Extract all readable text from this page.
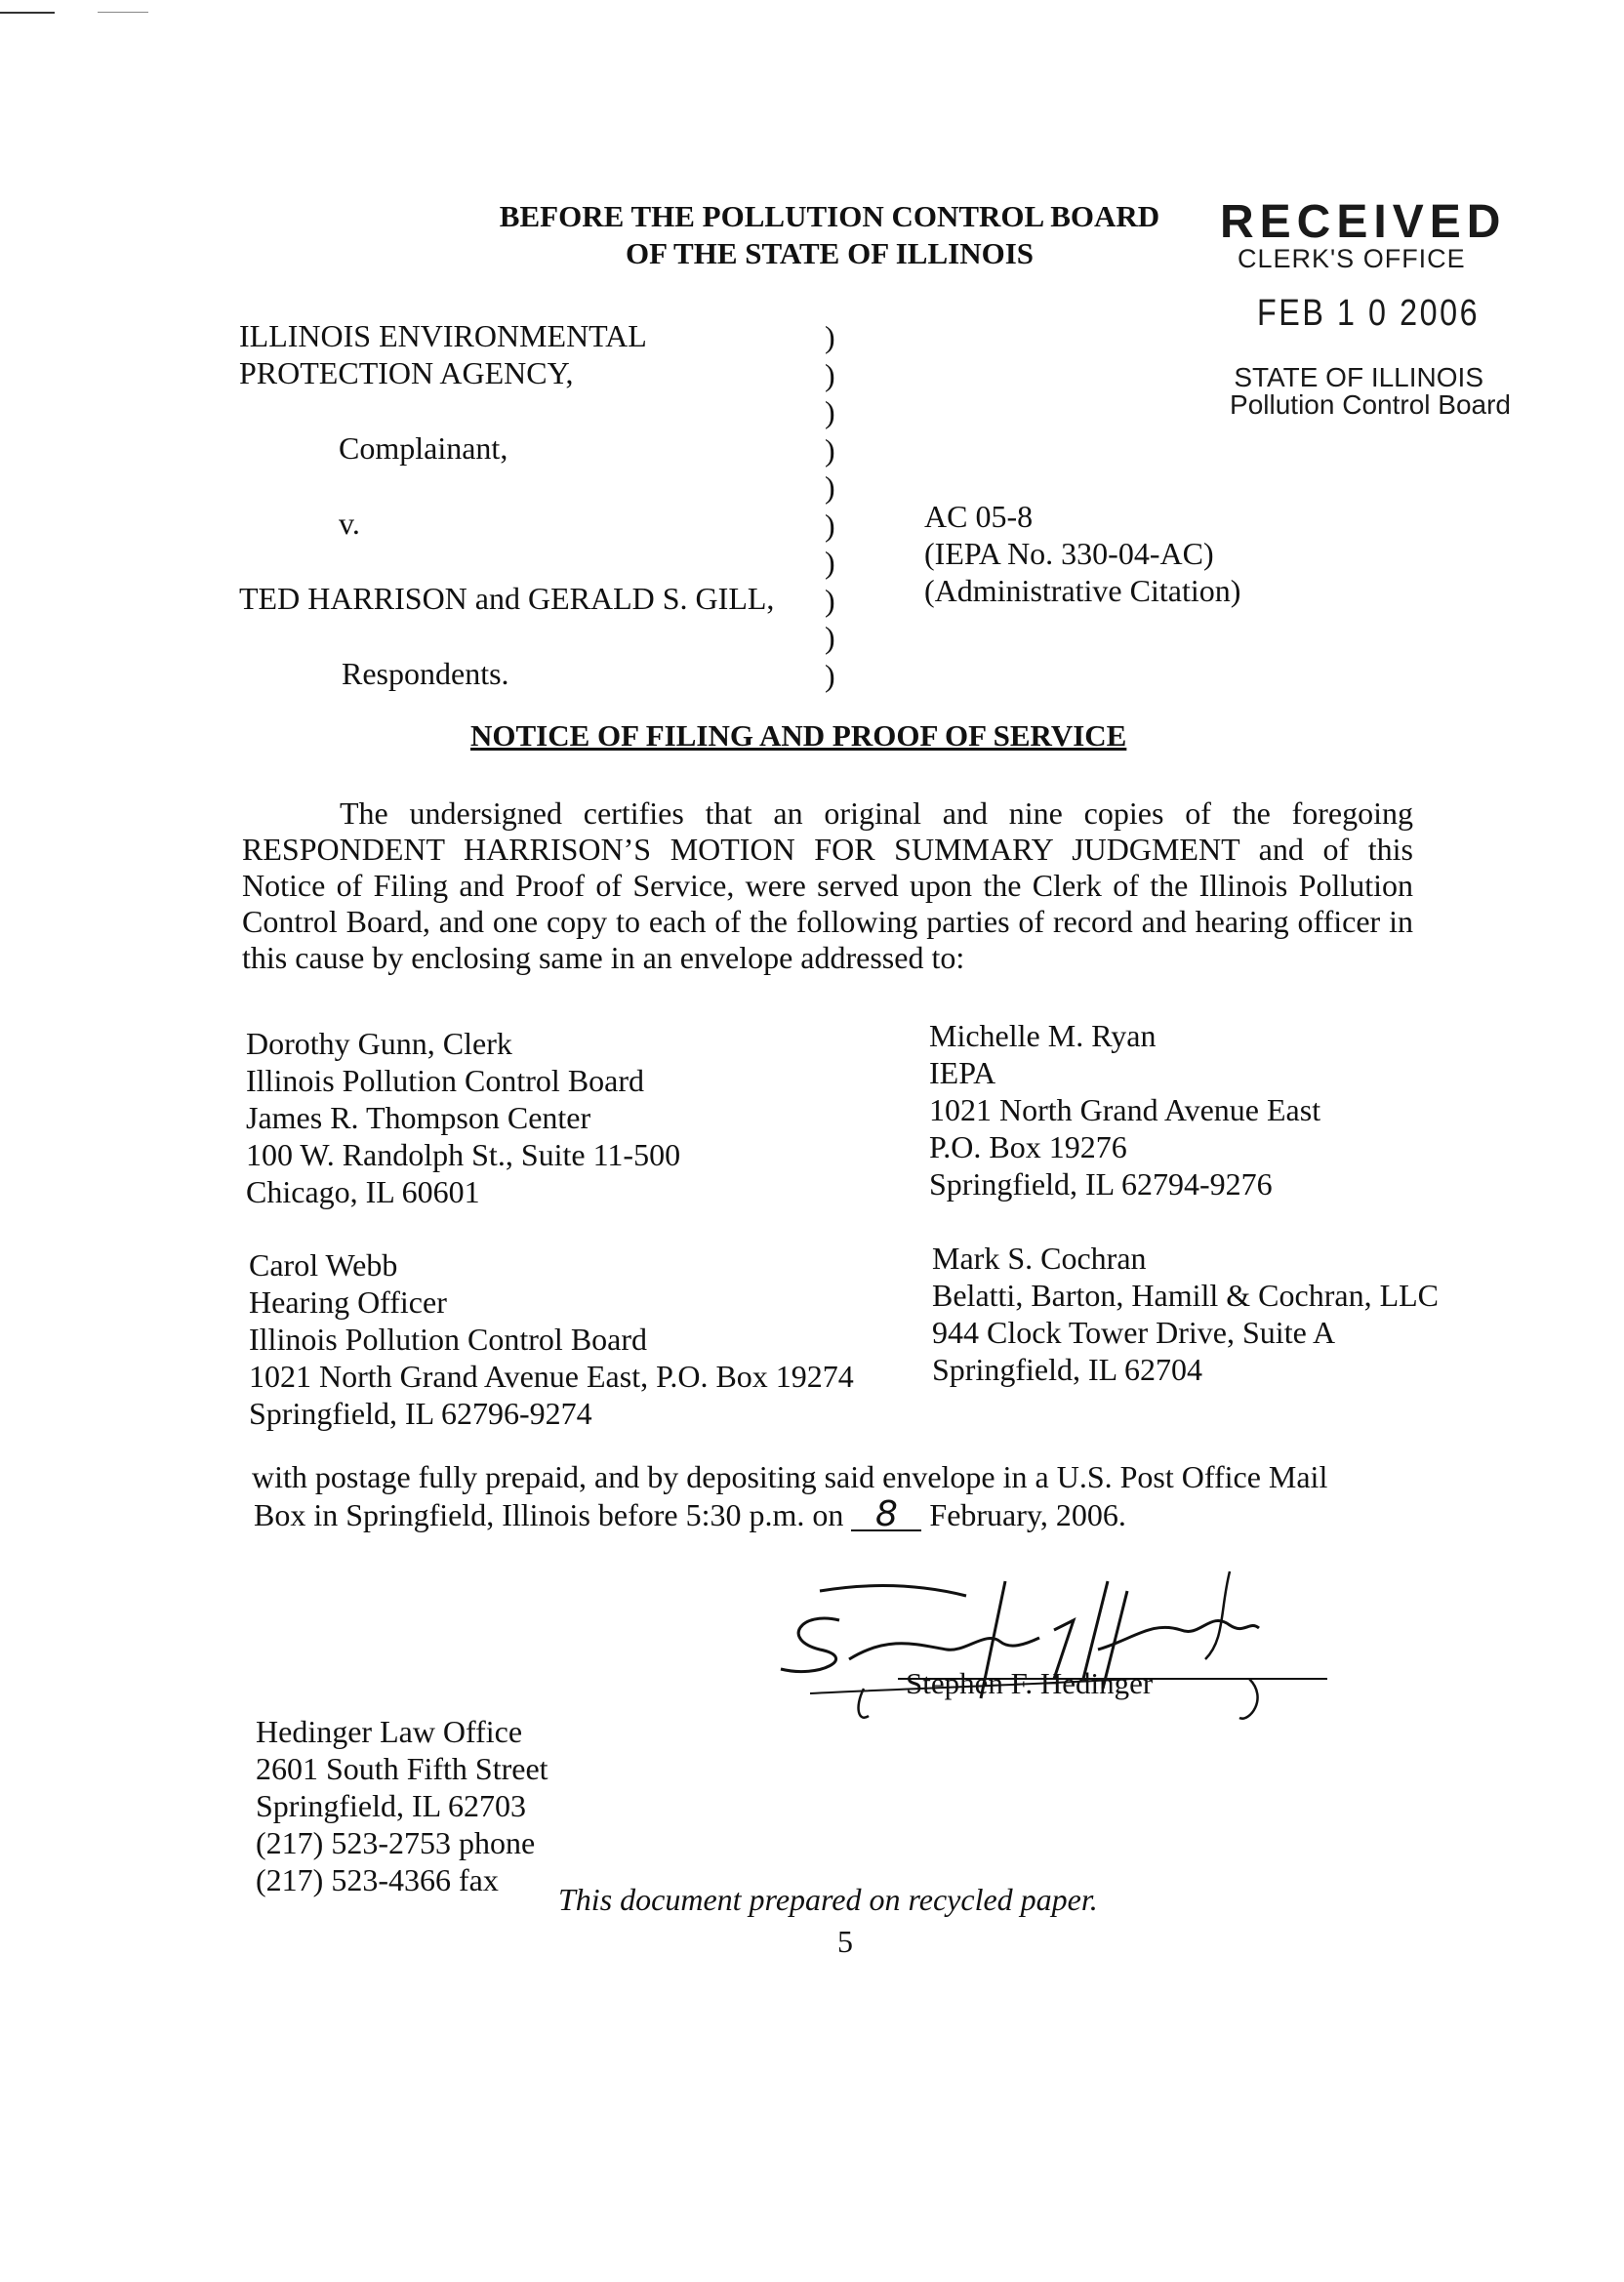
BEFORE THE POLLUTION CONTROL BOARD
OF THE STATE OF ILLINOIS
RECEIVED
CLERK'S OFFICE
FEB 1 0 2006
STATE OF ILLINOIS
Pollution Control Board
ILLINOIS ENVIRONMENTAL
PROTECTION AGENCY,
Complainant,
v.
TED HARRISON and GERALD S. GILL,
Respondents.
)
)
)
)
)
)
)
)
)
)
AC 05-8
(IEPA No. 330-04-AC)
(Administrative Citation)
NOTICE OF FILING AND PROOF OF SERVICE
The undersigned certifies that an original and nine copies of the foregoing RESPONDENT HARRISON’S MOTION FOR SUMMARY JUDGMENT and of this Notice of Filing and Proof of Service, were served upon the Clerk of the Illinois Pollution Control Board, and one copy to each of the following parties of record and hearing officer in this cause by enclosing same in an envelope addressed to:
Dorothy Gunn, Clerk
Illinois Pollution Control Board
James R. Thompson Center
100 W. Randolph St., Suite 11-500
Chicago, IL 60601
Michelle M. Ryan
IEPA
1021 North Grand Avenue East
P.O. Box 19276
Springfield, IL 62794-9276
Carol Webb
Hearing Officer
Illinois Pollution Control Board
1021 North Grand Avenue East, P.O. Box 19274
Springfield, IL 62796-9274
Mark S. Cochran
Belatti, Barton, Hamill & Cochran, LLC
944 Clock Tower Drive, Suite A
Springfield, IL 62704
with postage fully prepaid, and by depositing said envelope in a U.S. Post Office Mail
Box in Springfield, Illinois before 5:30 p.m. on 8 February, 2006.
Stephen F. Hedinger
Hedinger Law Office
2601 South Fifth Street
Springfield, IL 62703
(217) 523-2753 phone
(217) 523-4366 fax
This document prepared on recycled paper.
5
